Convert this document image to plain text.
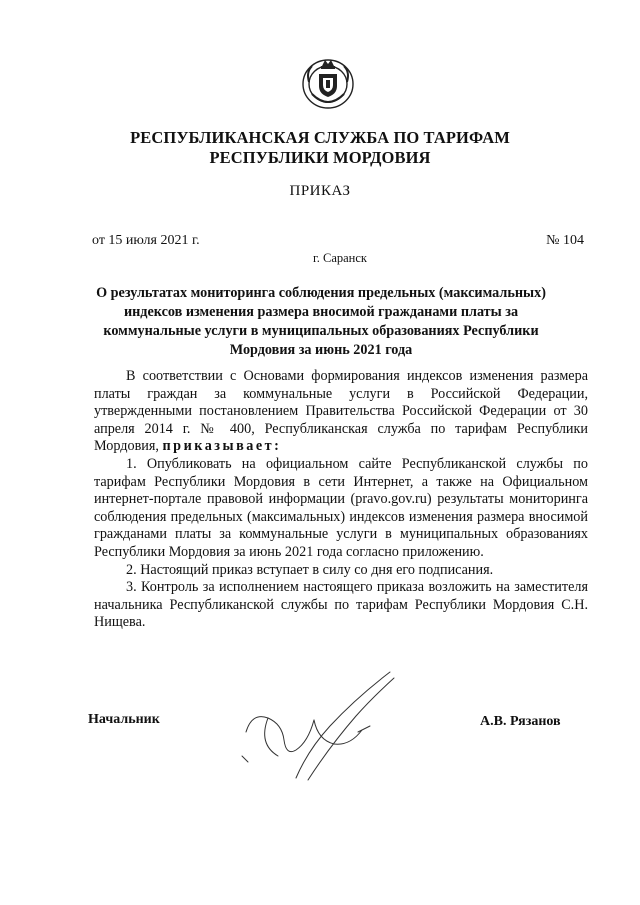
РЕСПУБЛИКАНСКАЯ СЛУЖБА ПО ТАРИФАМ
РЕСПУБЛИКИ МОРДОВИЯ
ПРИКАЗ
от 15 июля 2021 г.	№ 104
г. Саранск
О результатах мониторинга соблюдения предельных (максимальных)
индексов изменения размера вносимой гражданами платы за
коммунальные услуги в муниципальных образованиях Республики
Мордовия за июнь 2021 года

В соответствии с Основами формирования индексов изменения размера платы граждан за коммунальные услуги в Российской Федерации, утвержденными постановлением Правительства Российской Федерации от 30 апреля 2014 г. № 400, Республиканская служба по тарифам Республики Мордовия, приказывает:

1. Опубликовать на официальном сайте Республиканской службы по тарифам Республики Мордовия в сети Интернет, а также на Официальном интернет-портале правовой информации (pravo.gov.ru) результаты мониторинга соблюдения предельных (максимальных) индексов изменения размера вносимой гражданами платы за коммунальные услуги в муниципальных образованиях Республики Мордовия за июнь 2021 года согласно приложению.

2. Настоящий приказ вступает в силу со дня его подписания.

3. Контроль за исполнением настоящего приказа возложить на заместителя начальника Республиканской службы по тарифам Республики Мордовия С.Н. Нищева.

Начальник	А.В. Рязанов
